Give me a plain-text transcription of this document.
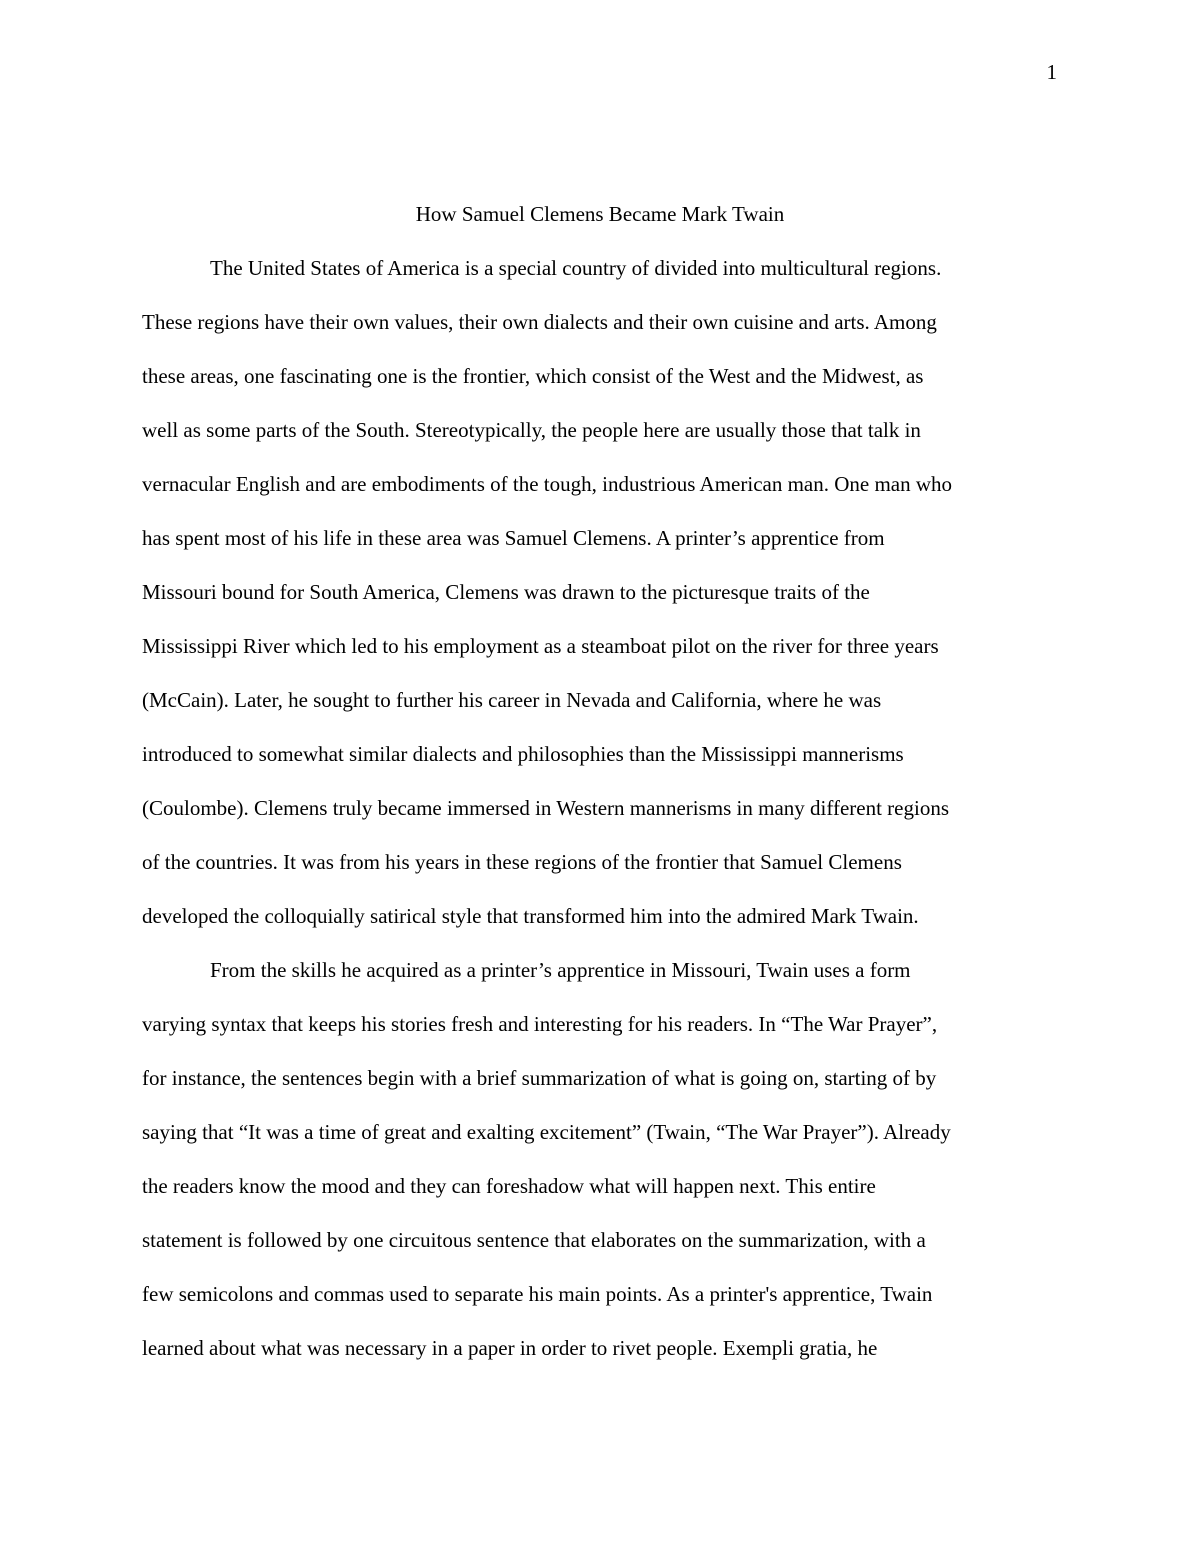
1
How Samuel Clemens Became Mark Twain
The United States of America is a special country of divided into multicultural regions.
These regions have their own values, their own dialects and their own cuisine and arts. Among
these areas, one fascinating one is the frontier, which consist of the West and the Midwest, as
well as some parts of the South. Stereotypically, the people here are usually those that talk in
vernacular English and are embodiments of the tough, industrious American man. One man who
has spent most of his life in these area was Samuel Clemens. A printer’s apprentice from
Missouri bound for South America, Clemens was drawn to the picturesque traits of the
Mississippi River which led to his employment as a steamboat pilot on the river for three years
(McCain). Later, he sought to further his career in Nevada and California, where he was
introduced to somewhat similar dialects and philosophies than the Mississippi mannerisms
(Coulombe). Clemens truly became immersed in Western mannerisms in many different regions
of the countries. It was from his years in these regions of the frontier that Samuel Clemens
developed the colloquially satirical style that transformed him into the admired Mark Twain.
From the skills he acquired as a printer’s apprentice in Missouri, Twain uses a form
varying syntax that keeps his stories fresh and interesting for his readers. In “The War Prayer”,
for instance, the sentences begin with a brief summarization of what is going on, starting of by
saying that “It was a time of great and exalting excitement” (Twain, “The War Prayer”). Already
the readers know the mood and they can foreshadow what will happen next. This entire
statement is followed by one circuitous sentence that elaborates on the summarization, with a
few semicolons and commas used to separate his main points. As a printer's apprentice, Twain
learned about what was necessary in a paper in order to rivet people. Exempli gratia, he
